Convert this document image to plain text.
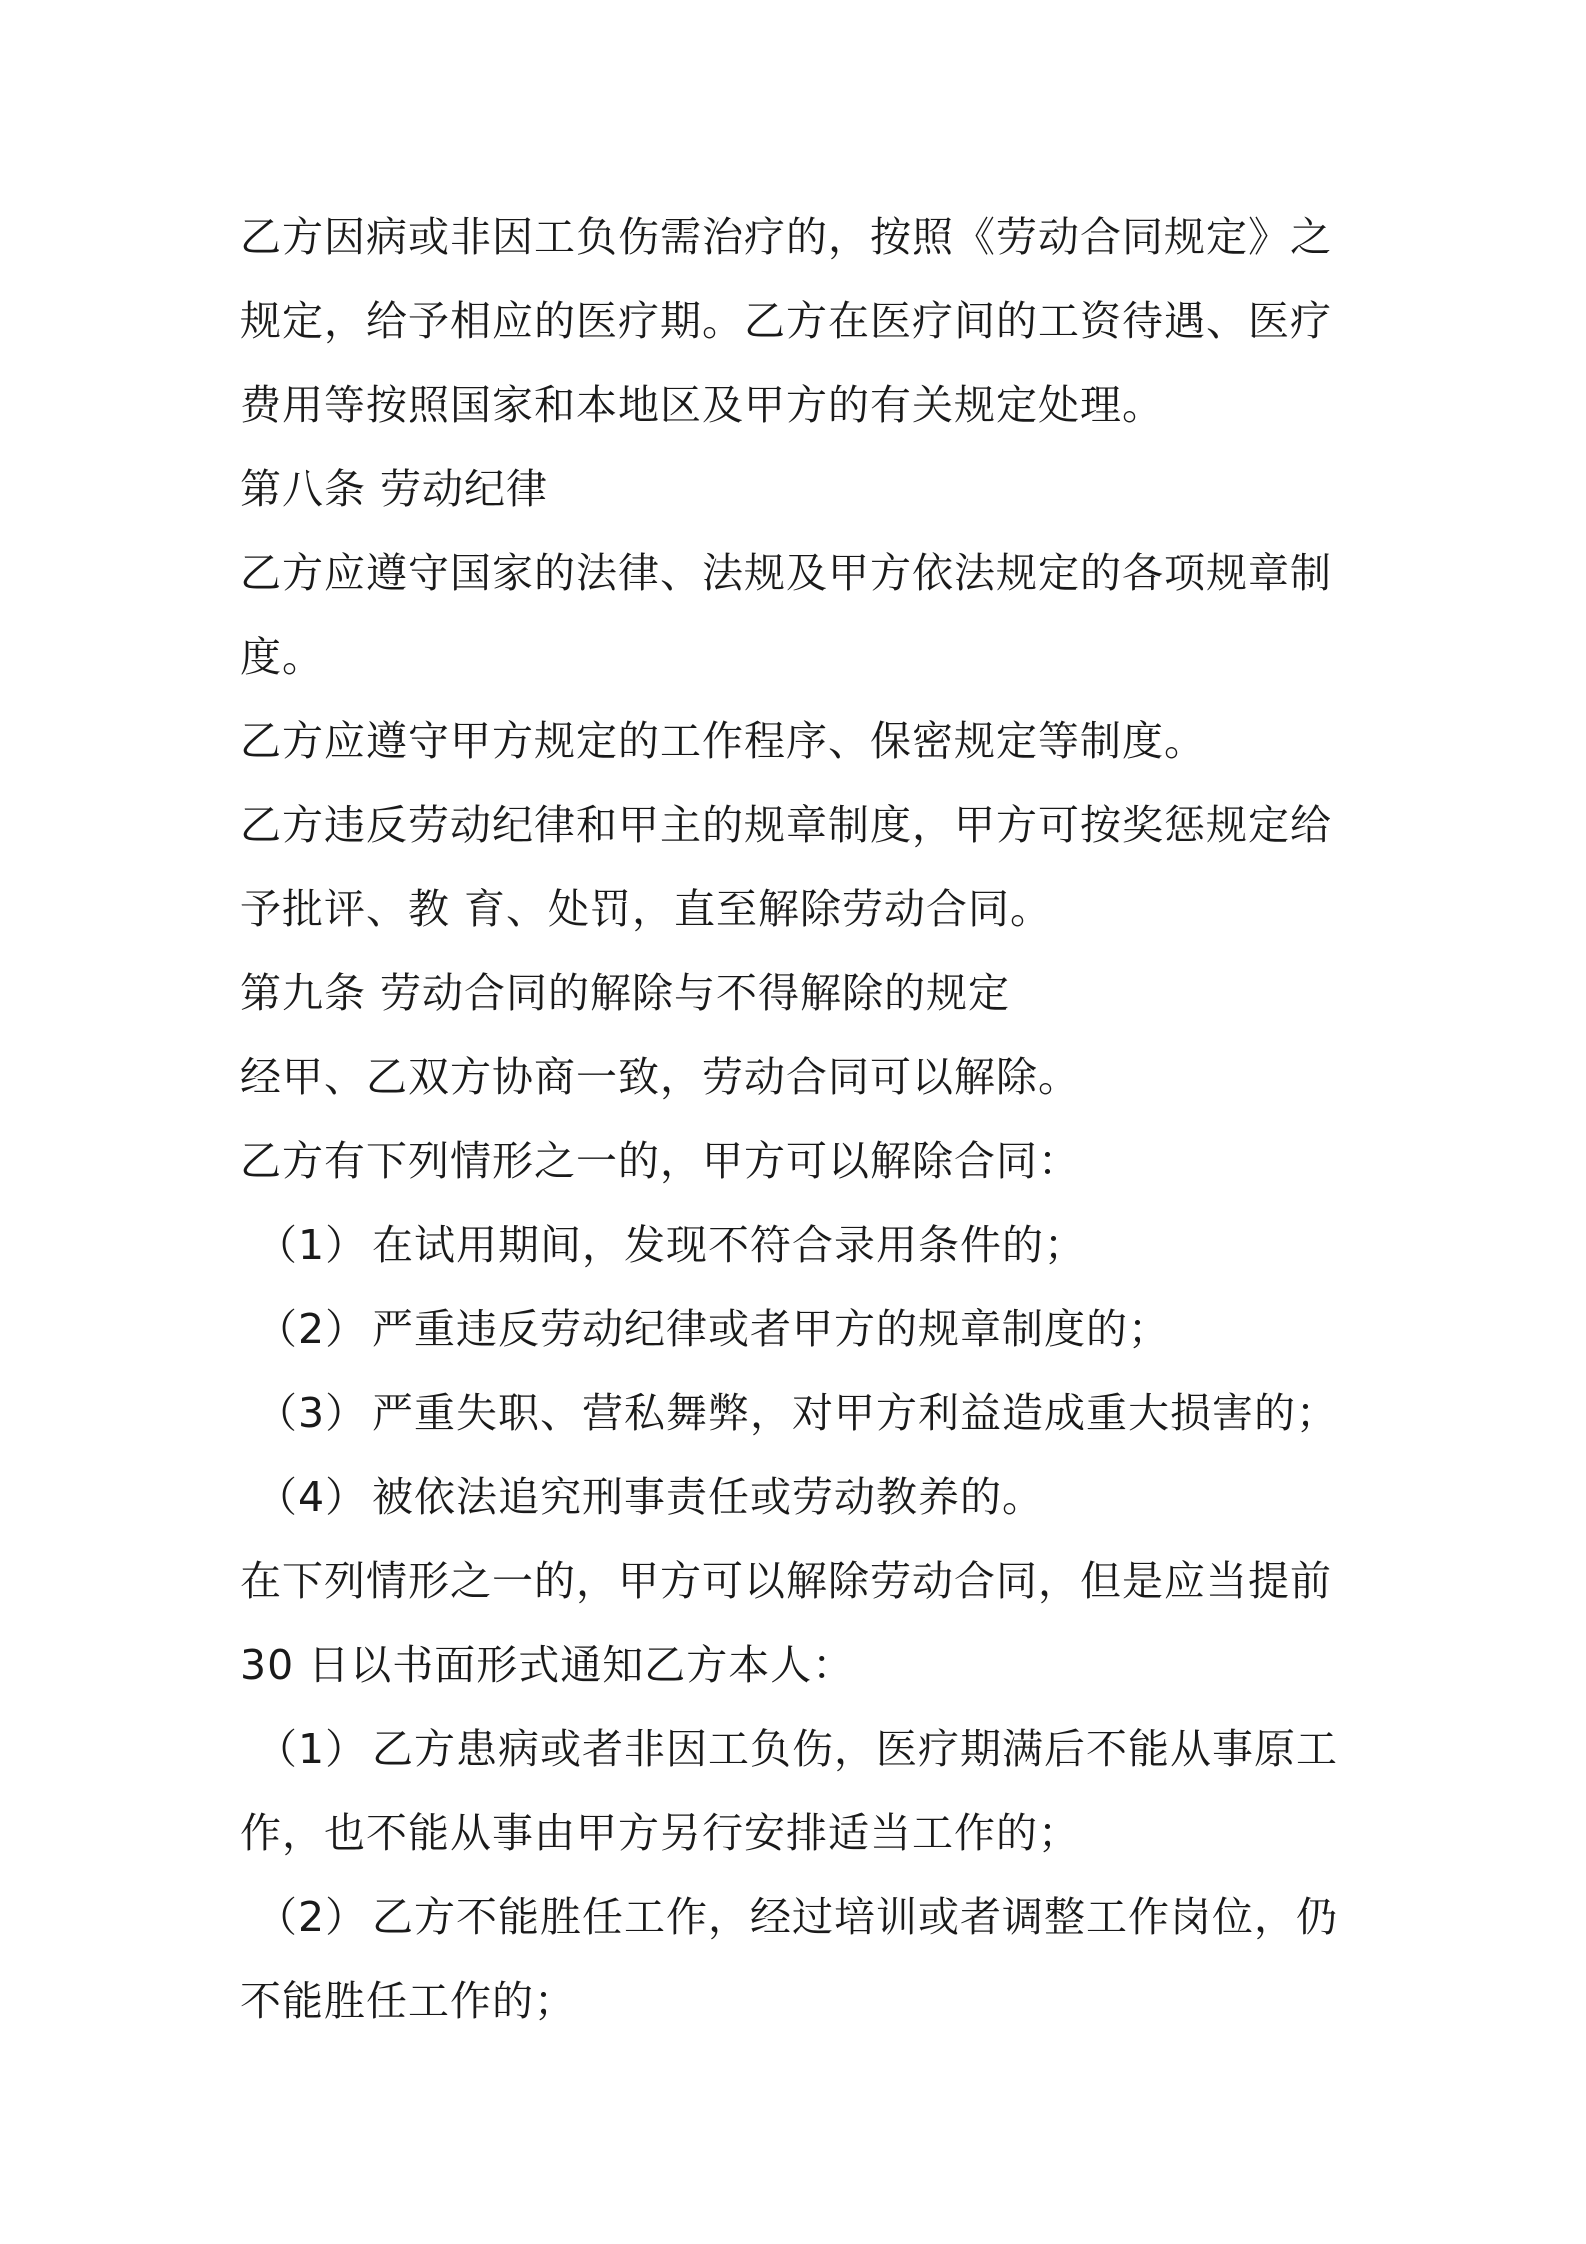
乙方因病或非因工负伤需治疗的，按照《劳动合同规定》之
规定，给予相应的医疗期。乙方在医疗间的工资待遇、医疗
费用等按照国家和本地区及甲方的有关规定处理。
第八条 劳动纪律
乙方应遵守国家的法律、法规及甲方依法规定的各项规章制
度。
乙方应遵守甲方规定的工作程序、保密规定等制度。
乙方违反劳动纪律和甲主的规章制度，甲方可按奖惩规定给
予批评、教 育、处罚，直至解除劳动合同。
第九条 劳动合同的解除与不得解除的规定
经甲、乙双方协商一致，劳动合同可以解除。
乙方有下列情形之一的，甲方可以解除合同：
（1） 在试用期间，发现不符合录用条件的；
（2） 严重违反劳动纪律或者甲方的规章制度的；
（3） 严重失职、营私舞弊，对甲方利益造成重大损害的；
（4） 被依法追究刑事责任或劳动教养的。
在下列情形之一的，甲方可以解除劳动合同，但是应当提前
30 日以书面形式通知乙方本人：
（1） 乙方患病或者非因工负伤，医疗期满后不能从事原工
作，也不能从事由甲方另行安排适当工作的；
（2） 乙方不能胜任工作，经过培训或者调整工作岗位，仍
不能胜任工作的；
